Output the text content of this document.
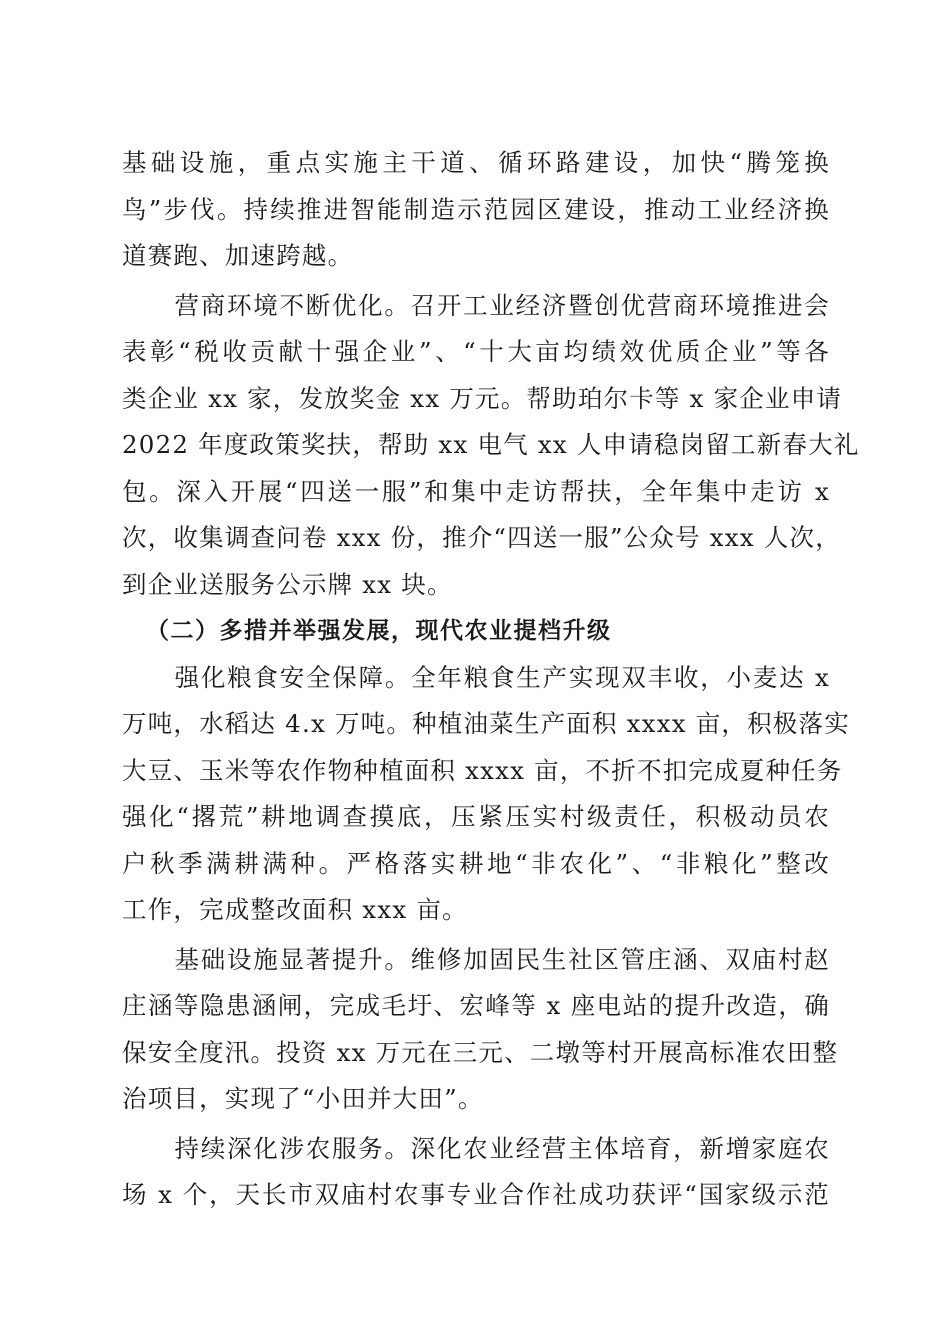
基础设施，重点实施主干道、循环路建设，加快“腾笼换
鸟”步伐。持续推进智能制造示范园区建设，推动工业经济换
道赛跑、加速跨越。
　　营商环境不断优化。召开工业经济暨创优营商环境推进会
表彰“税收贡献十强企业”、“十大亩均绩效优质企业”等各
类企业 xx 家，发放奖金 xx 万元。帮助珀尔卡等 x 家企业申请
2022 年度政策奖扶，帮助 xx 电气 xx 人申请稳岗留工新春大礼
包。深入开展“四送一服”和集中走访帮扶，全年集中走访 x
次，收集调查问卷 xxx 份，推介“四送一服”公众号 xxx 人次，
到企业送服务公示牌 xx 块。
（二）多措并举强发展，现代农业提档升级
　　强化粮食安全保障。全年粮食生产实现双丰收，小麦达 x
万吨，水稻达 4.x 万吨。种植油菜生产面积 xxxx 亩，积极落实
大豆、玉米等农作物种植面积 xxxx 亩，不折不扣完成夏种任务
强化“撂荒”耕地调查摸底，压紧压实村级责任，积极动员农
户秋季满耕满种。严格落实耕地“非农化”、“非粮化”整改
工作，完成整改面积 xxx 亩。
　　基础设施显著提升。维修加固民生社区管庄涵、双庙村赵
庄涵等隐患涵闸，完成毛圩、宏峰等 x 座电站的提升改造，确
保安全度汛。投资 xx 万元在三元、二墩等村开展高标准农田整
治项目，实现了“小田并大田”。
　　持续深化涉农服务。深化农业经营主体培育，新增家庭农
场 x 个，天长市双庙村农事专业合作社成功获评“国家级示范
